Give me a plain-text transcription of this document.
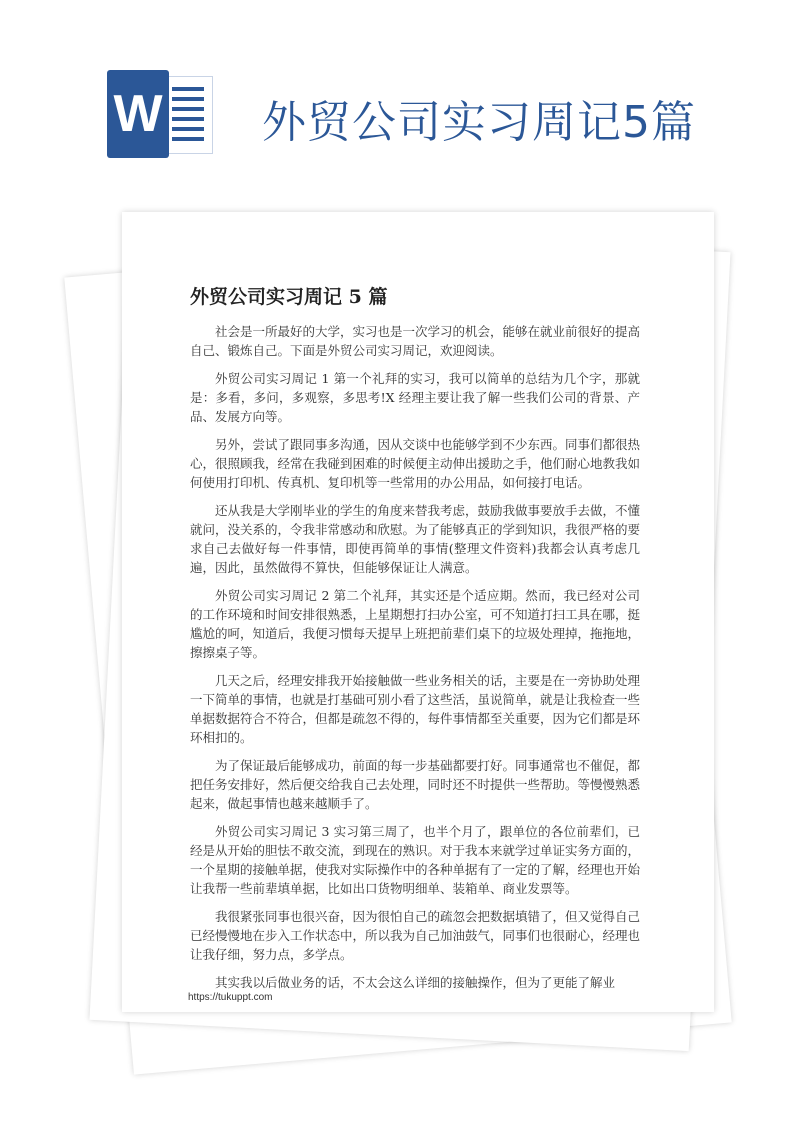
W 外贸公司实习周记5篇
外贸公司实习周记 5 篇

社会是一所最好的大学，实习也是一次学习的机会，能够在就业前很好的提高自己、锻炼自己。下面是外贸公司实习周记，欢迎阅读。

外贸公司实习周记 1 第一个礼拜的实习，我可以简单的总结为几个字，那就是：多看，多问，多观察，多思考!X 经理主要让我了解一些我们公司的背景、产品、发展方向等。

另外，尝试了跟同事多沟通，因从交谈中也能够学到不少东西。同事们都很热心，很照顾我，经常在我碰到困难的时候便主动伸出援助之手，他们耐心地教我如何使用打印机、传真机、复印机等一些常用的办公用品，如何接打电话。

还从我是大学刚毕业的学生的角度来替我考虑，鼓励我做事要放手去做，不懂就问，没关系的，令我非常感动和欣慰。为了能够真正的学到知识，我很严格的要求自己去做好每一件事情，即使再简单的事情(整理文件资料)我都会认真考虑几遍，因此，虽然做得不算快，但能够保证让人满意。

外贸公司实习周记 2 第二个礼拜，其实还是个适应期。然而，我已经对公司的工作环境和时间安排很熟悉，上星期想打扫办公室，可不知道打扫工具在哪，挺尴尬的呵，知道后，我便习惯每天提早上班把前辈们桌下的垃圾处理掉，拖拖地，擦擦桌子等。

几天之后，经理安排我开始接触做一些业务相关的话，主要是在一旁协助处理一下简单的事情，也就是打基础可别小看了这些活，虽说简单，就是让我检查一些单据数据符合不符合，但都是疏忽不得的，每件事情都至关重要，因为它们都是环环相扣的。

为了保证最后能够成功，前面的每一步基础都要打好。同事通常也不催促，都把任务安排好，然后便交给我自己去处理，同时还不时提供一些帮助。等慢慢熟悉起来，做起事情也越来越顺手了。

外贸公司实习周记 3 实习第三周了，也半个月了，跟单位的各位前辈们，已经是从开始的胆怯不敢交流，到现在的熟识。对于我本来就学过单证实务方面的，一个星期的接触单据，使我对实际操作中的各种单据有了一定的了解，经理也开始让我帮一些前辈填单据，比如出口货物明细单、装箱单、商业发票等。

我很紧张同事也很兴奋，因为很怕自己的疏忽会把数据填错了，但又觉得自己已经慢慢地在步入工作状态中，所以我为自己加油鼓气，同事们也很耐心，经理也让我仔细，努力点，多学点。

其实我以后做业务的话，不太会这么详细的接触操作，但为了更能了解业

https://tukuppt.com
